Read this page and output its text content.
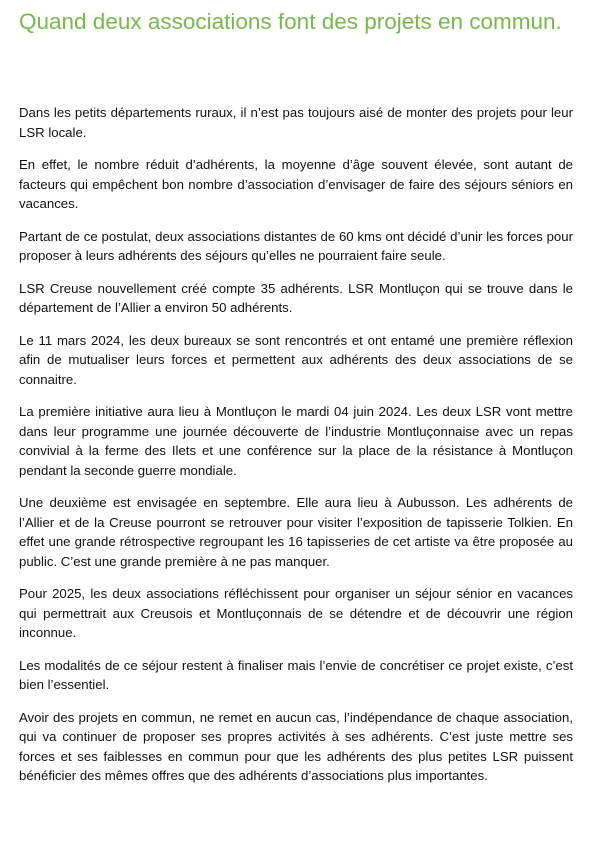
Quand deux associations font des projets en commun.

Dans les petits départements ruraux, il n’est pas toujours aisé de monter des projets pour leur LSR locale.

En effet, le nombre réduit d’adhérents, la moyenne d’âge souvent élevée, sont autant de facteurs qui empêchent bon nombre d’association d’envisager de faire des séjours séniors en vacances.

Partant de ce postulat, deux associations distantes de 60 kms ont décidé d’unir les forces pour proposer à leurs adhérents des séjours qu’elles ne pourraient faire seule.

LSR Creuse nouvellement créé compte 35 adhérents. LSR Montluçon qui se trouve dans le département de l’Allier a environ 50 adhérents.

Le 11 mars 2024, les deux bureaux se sont rencontrés et ont entamé une première réflexion afin de mutualiser leurs forces et permettent aux adhérents des deux associations de se connaitre.

La première initiative aura lieu à Montluçon le mardi 04 juin 2024. Les deux LSR vont mettre dans leur programme une journée découverte de l’industrie Montluçonnaise avec un repas convivial à la ferme des Ilets et une conférence sur la place de la résistance à Montluçon pendant la seconde guerre mondiale.

Une deuxième est envisagée en septembre. Elle aura lieu à Aubusson. Les adhérents de l’Allier et de la Creuse pourront se retrouver pour visiter l’exposition de tapisserie Tolkien. En effet une grande rétrospective regroupant les 16 tapisseries de cet artiste va être proposée au public. C’est une grande première à ne pas manquer.

Pour 2025, les deux associations réfléchissent pour organiser un séjour sénior en vacances qui permettrait aux Creusois et Montluçonnais de se détendre et de découvrir une région inconnue.

Les modalités de ce séjour restent à finaliser mais l’envie de concrétiser ce projet existe, c’est bien l’essentiel.

Avoir des projets en commun, ne remet en aucun cas, l’indépendance de chaque association, qui va continuer de proposer ses propres activités à ses adhérents. C’est juste mettre ses forces et ses faiblesses en commun pour que les adhérents des plus petites LSR puissent bénéficier des mêmes offres que des adhérents d’associations plus importantes.
